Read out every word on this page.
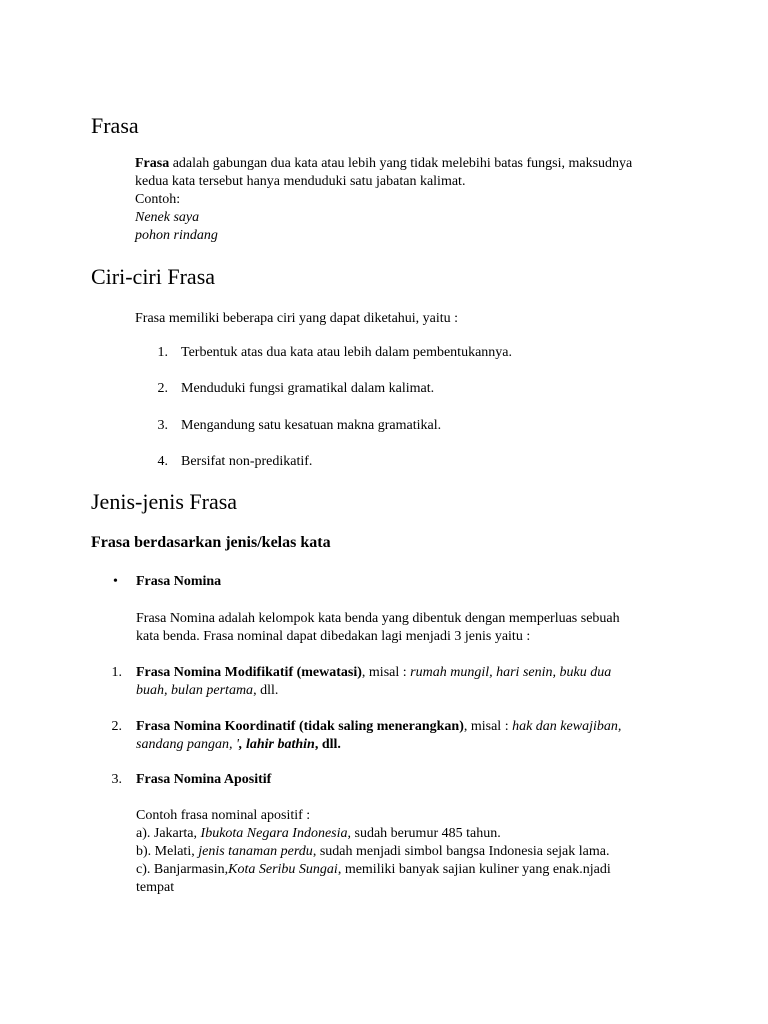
Frasa
Frasa adalah gabungan dua kata atau lebih yang tidak melebihi batas fungsi, maksudnya
kedua kata tersebut hanya menduduki satu jabatan kalimat.
Contoh:
Nenek saya
pohon rindang
Ciri-ciri Frasa
Frasa memiliki beberapa ciri yang dapat diketahui, yaitu :
1. Terbentuk atas dua kata atau lebih dalam pembentukannya.
2. Menduduki fungsi gramatikal dalam kalimat.
3. Mengandung satu kesatuan makna gramatikal.
4. Bersifat non-predikatif.
Jenis-jenis Frasa
Frasa berdasarkan jenis/kelas kata
• Frasa Nomina
Frasa Nomina adalah kelompok kata benda yang dibentuk dengan memperluas sebuah
kata benda. Frasa nominal dapat dibedakan lagi menjadi 3 jenis yaitu :
1. Frasa Nomina Modifikatif (mewatasi), misal : rumah mungil, hari senin, buku dua
buah, bulan pertama, dll.
2. Frasa Nomina Koordinatif (tidak saling menerangkan), misal : hak dan kewajiban,
sandang pangan, ', lahir bathin, dll.
3. Frasa Nomina Apositif
Contoh frasa nominal apositif :
a). Jakarta, Ibukota Negara Indonesia, sudah berumur 485 tahun.
b). Melati, jenis tanaman perdu, sudah menjadi simbol bangsa Indonesia sejak lama.
c). Banjarmasin,Kota Seribu Sungai, memiliki banyak sajian kuliner yang enak.njadi
tempat
